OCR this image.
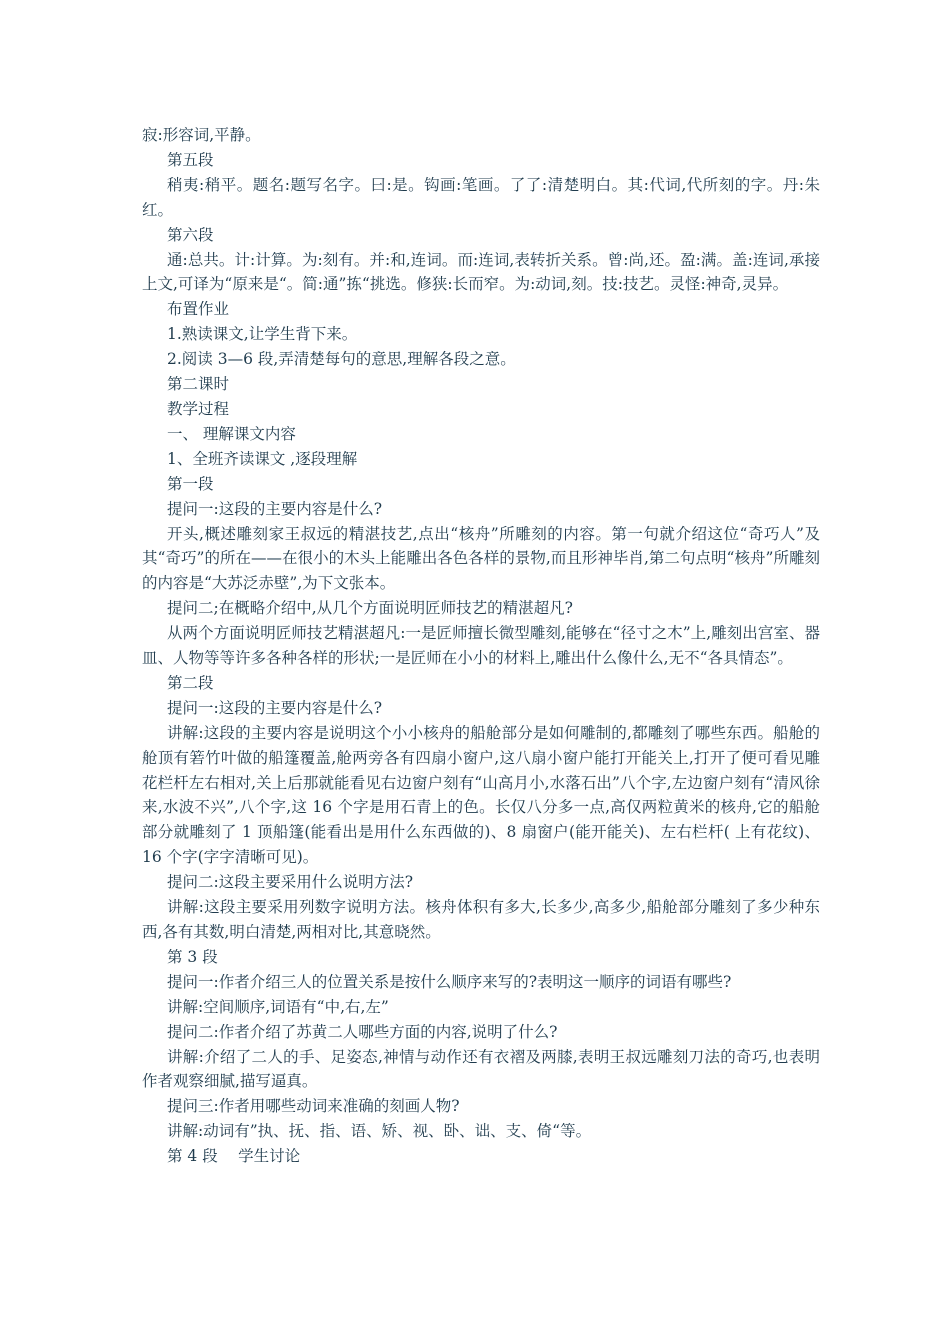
寂:形容词,平静。

第五段

稍夷:稍平。题名:题写名字。曰:是。钩画:笔画。了了:清楚明白。其:代词,代所刻的字。丹:朱红。

第六段

通:总共。计:计算。为:刻有。并:和,连词。而:连词,表转折关系。曾:尚,还。盈:满。盖:连词,承接上文,可译为“原来是“。简:通”拣“挑选。修狭:长而窄。为:动词,刻。技:技艺。灵怪:神奇,灵异。

布置作业

1.熟读课文,让学生背下来。

2.阅读 3—6 段,弄清楚每句的意思,理解各段之意。

第二课时

教学过程

一、 理解课文内容

1、全班齐读课文 ,逐段理解

第一段

提问一:这段的主要内容是什么?

开头,概述雕刻家王叔远的精湛技艺,点出“核舟”所雕刻的内容。第一句就介绍这位“奇巧人”及其“奇巧”的所在——在很小的木头上能雕出各色各样的景物,而且形神毕肖,第二句点明“核舟”所雕刻的内容是“大苏泛赤壁”,为下文张本。

提问二;在概略介绍中,从几个方面说明匠师技艺的精湛超凡?

从两个方面说明匠师技艺精湛超凡:一是匠师擅长微型雕刻,能够在“径寸之木”上,雕刻出宫室、器皿、人物等等许多各种各样的形状;一是匠师在小小的材料上,雕出什么像什么,无不“各具情态”。

第二段

提问一:这段的主要内容是什么?

讲解:这段的主要内容是说明这个小小核舟的船舱部分是如何雕制的,都雕刻了哪些东西。船舱的舱顶有箬竹叶做的船篷覆盖,舱两旁各有四扇小窗户,这八扇小窗户能打开能关上,打开了便可看见雕花栏杆左右相对,关上后那就能看见右边窗户刻有“山高月小,水落石出”八个字,左边窗户刻有“清风徐来,水波不兴”,八个字,这 16 个字是用石青上的色。长仅八分多一点,高仅两粒黄米的核舟,它的船舱部分就雕刻了 1 顶船篷(能看出是用什么东西做的)、8 扇窗户(能开能关)、左右栏杆( 上有花纹)、16 个字(字字清晰可见)。

提问二:这段主要采用什么说明方法?

讲解:这段主要采用列数字说明方法。核舟体积有多大,长多少,高多少,船舱部分雕刻了多少种东西,各有其数,明白清楚,两相对比,其意晓然。

第 3 段

提问一:作者介绍三人的位置关系是按什么顺序来写的?表明这一顺序的词语有哪些?

讲解:空间顺序,词语有“中,右,左”

提问二:作者介绍了苏黄二人哪些方面的内容,说明了什么?

讲解:介绍了二人的手、足姿态,神情与动作还有衣褶及两膝,表明王叔远雕刻刀法的奇巧,也表明作者观察细腻,描写逼真。

提问三:作者用哪些动词来准确的刻画人物?

讲解:动词有”执、抚、指、语、矫、视、卧、诎、支、倚“等。

第 4 段　 学生讨论
